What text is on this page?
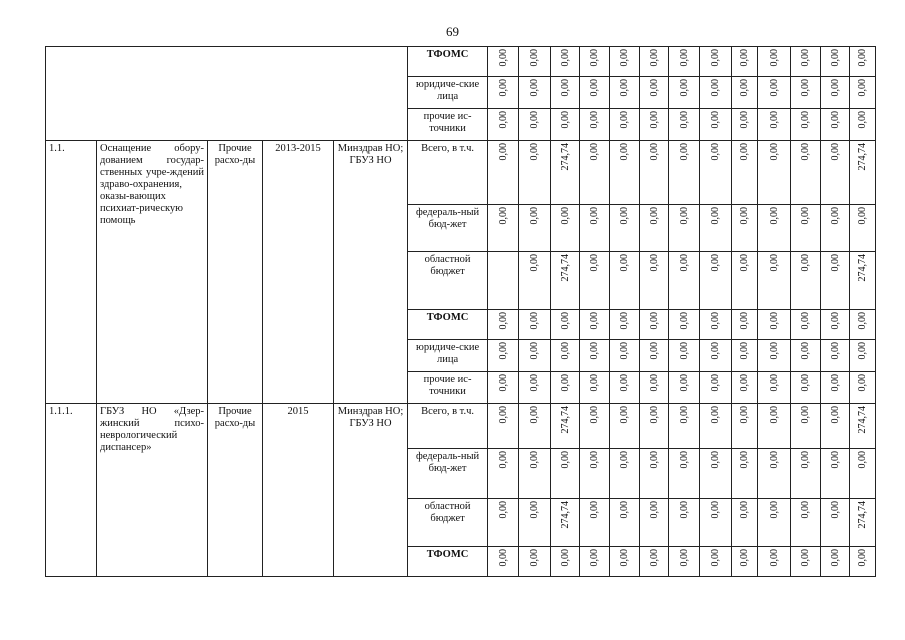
69
					ТФОМС	0,00	0,00	0,00	0,00	0,00	0,00	0,00	0,00	0,00	0,00	0,00	0,00	0,00
					юридиче-ские лица	0,00	0,00	0,00	0,00	0,00	0,00	0,00	0,00	0,00	0,00	0,00	0,00	0,00
					прочие ис-точники	0,00	0,00	0,00	0,00	0,00	0,00	0,00	0,00	0,00	0,00	0,00	0,00	0,00
1.1.	Оснащение обору-дованием государ-ственных учре-ждений здраво-охранения, оказы-вающих психиат-рическую помощь	Прочие расхо-ды	2013-2015	Минздрав НО; ГБУЗ НО	Всего, в т.ч.	0,00	0,00	274,74	0,00	0,00	0,00	0,00	0,00	0,00	0,00	0,00	0,00	274,74
					федераль-ный бюд-жет	0,00	0,00	0,00	0,00	0,00	0,00	0,00	0,00	0,00	0,00	0,00	0,00	0,00
					областной бюджет		0,00	274,74	0,00	0,00	0,00	0,00	0,00	0,00	0,00	0,00	0,00	274,74
					ТФОМС	0,00	0,00	0,00	0,00	0,00	0,00	0,00	0,00	0,00	0,00	0,00	0,00	0,00
					юридиче-ские лица	0,00	0,00	0,00	0,00	0,00	0,00	0,00	0,00	0,00	0,00	0,00	0,00	0,00
					прочие ис-точники	0,00	0,00	0,00	0,00	0,00	0,00	0,00	0,00	0,00	0,00	0,00	0,00	0,00
1.1.1.	ГБУЗ НО «Дзер-жинский психо-неврологический диспансер»	Прочие расхо-ды	2015	Минздрав НО; ГБУЗ НО	Всего, в т.ч.	0,00	0,00	274,74	0,00	0,00	0,00	0,00	0,00	0,00	0,00	0,00	0,00	274,74
					федераль-ный бюд-жет	0,00	0,00	0,00	0,00	0,00	0,00	0,00	0,00	0,00	0,00	0,00	0,00	0,00
					областной бюджет	0,00	0,00	274,74	0,00	0,00	0,00	0,00	0,00	0,00	0,00	0,00	0,00	274,74
					ТФОМС	0,00	0,00	0,00	0,00	0,00	0,00	0,00	0,00	0,00	0,00	0,00	0,00	0,00
